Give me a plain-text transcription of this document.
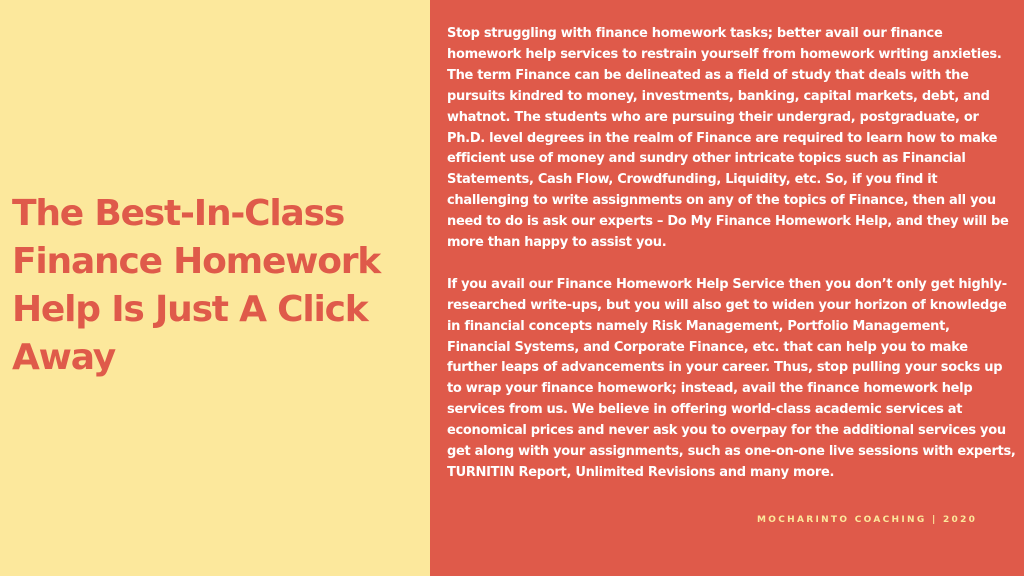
The Best-In-Class Finance Homework Help Is Just A Click Away

Stop struggling with finance homework tasks; better avail our finance homework help services to restrain yourself from homework writing anxieties. The term Finance can be delineated as a field of study that deals with the pursuits kindred to money, investments, banking, capital markets, debt, and whatnot. The students who are pursuing their undergrad, postgraduate, or Ph.D. level degrees in the realm of Finance are required to learn how to make efficient use of money and sundry other intricate topics such as Financial Statements, Cash Flow, Crowdfunding, Liquidity, etc. So, if you find it challenging to write assignments on any of the topics of Finance, then all you need to do is ask our experts – Do My Finance Homework Help, and they will be more than happy to assist you.

If you avail our Finance Homework Help Service then you don’t only get highly-researched write-ups, but you will also get to widen your horizon of knowledge in financial concepts namely Risk Management, Portfolio Management, Financial Systems, and Corporate Finance, etc. that can help you to make further leaps of advancements in your career. Thus, stop pulling your socks up to wrap your finance homework; instead, avail the finance homework help services from us. We believe in offering world-class academic services at economical prices and never ask you to overpay for the additional services you get along with your assignments, such as one-on-one live sessions with experts, TURNITIN Report, Unlimited Revisions and many more.

MOCHARINTO COACHING | 2020
